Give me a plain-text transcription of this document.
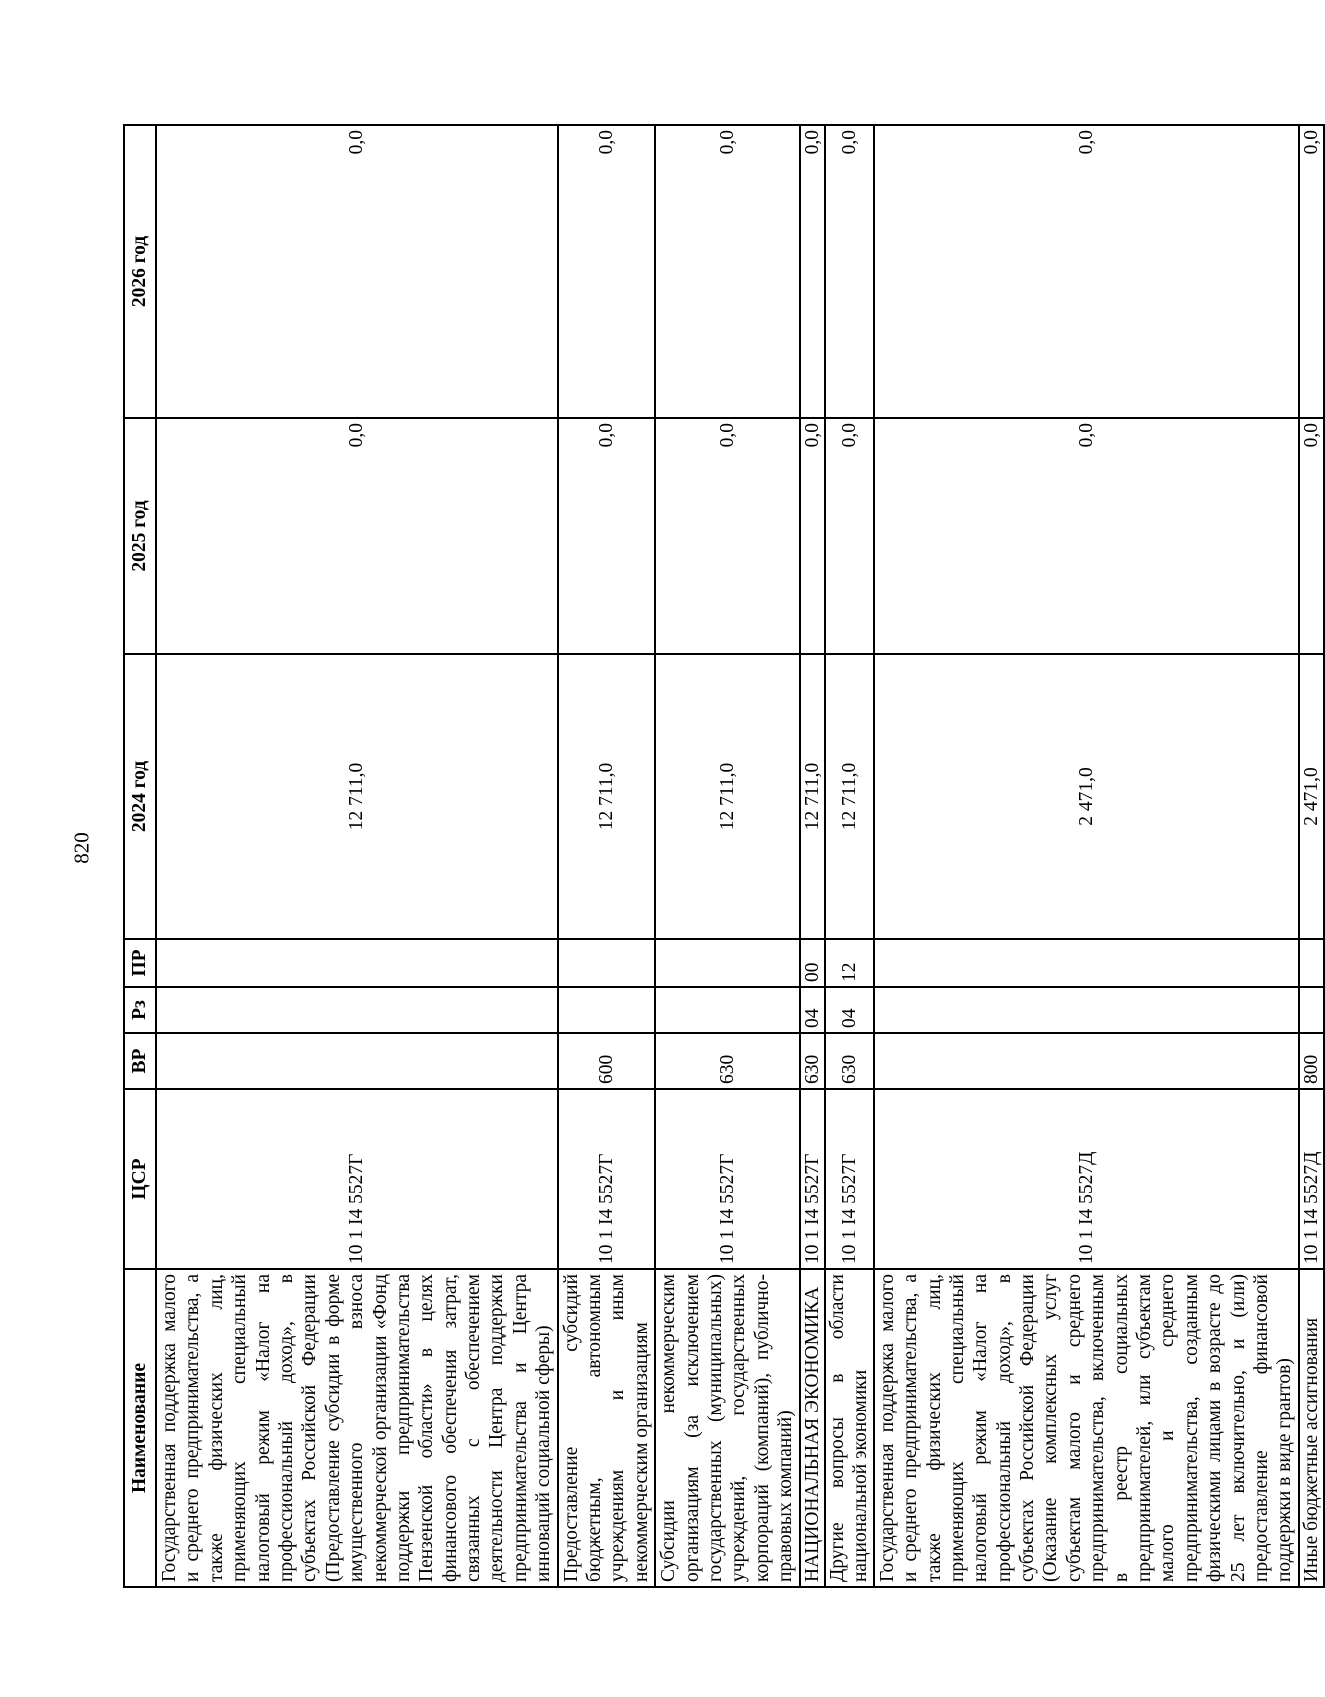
820
Наименование	ЦСР	ВР	Рз	ПР	2024 год	2025 год	2026 год
Государственная поддержка малого и среднего предпринимательства, а также физических лиц, применяющих специальный налоговый режим «Налог на профессиональный доход», в субъектах Российской Федерации (Предоставление субсидии в форме имущественного взноса некоммерческой организации «Фонд поддержки предпринимательства Пензенской области» в целях финансового обеспечения затрат, связанных с обеспечением деятельности Центра поддержки предпринимательства и Центра инноваций социальной сферы)	10 1 I4 5527Г				12 711,0	0,0	0,0
Предоставление субсидий бюджетным, автономным учреждениям и иным некоммерческим организациям	10 1 I4 5527Г	600			12 711,0	0,0	0,0
Субсидии некоммерческим организациям (за исключением государственных (муниципальных) учреждений, государственных корпораций (компаний), публично-правовых компаний)	10 1 I4 5527Г	630			12 711,0	0,0	0,0
НАЦИОНАЛЬНАЯ ЭКОНОМИКА	10 1 I4 5527Г	630	04	00	12 711,0	0,0	0,0
Другие вопросы в области национальной экономики	10 1 I4 5527Г	630	04	12	12 711,0	0,0	0,0
Государственная поддержка малого и среднего предпринимательства, а также физических лиц, применяющих специальный налоговый режим «Налог на профессиональный доход», в субъектах Российской Федерации (Оказание комплексных услуг субъектам малого и среднего предпринимательства, включенным в реестр социальных предпринимателей, или субъектам малого и среднего предпринимательства, созданным физическими лицами в возрасте до 25 лет включительно, и (или) предоставление финансовой поддержки в виде грантов)	10 1 I4 5527Д				2 471,0	0,0	0,0
Иные бюджетные ассигнования	10 1 I4 5527Д	800			2 471,0	0,0	0,0
